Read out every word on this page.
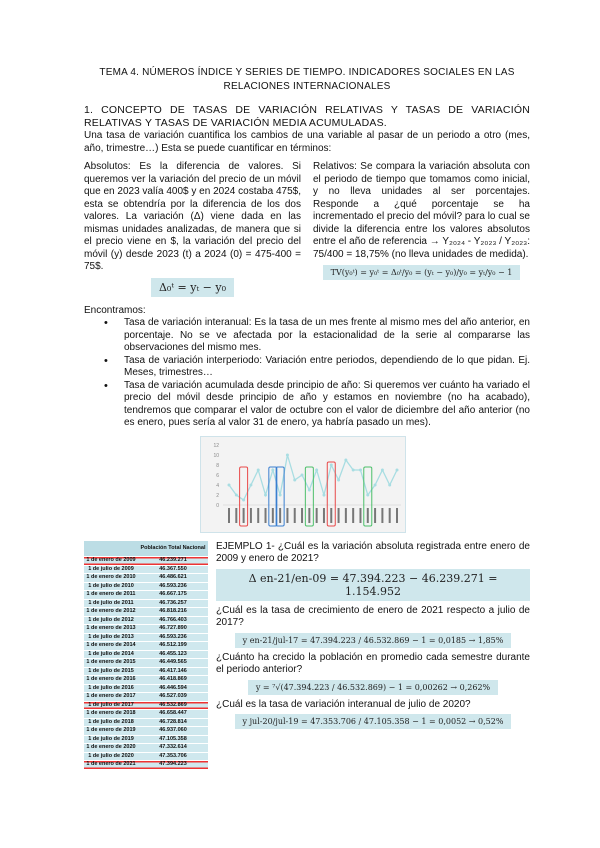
TEMA 4. NÚMEROS ÍNDICE Y SERIES DE TIEMPO. INDICADORES SOCIALES EN LAS RELACIONES INTERNACIONALES
1. CONCEPTO DE TASAS DE VARIACIÓN RELATIVAS Y TASAS DE VARIACIÓN RELATIVAS Y TASAS DE VARIACIÓN MEDIA ACUMULADAS.
Una tasa de variación cuantifica los cambios de una variable al pasar de un periodo a otro (mes, año, trimestre…) Esta se puede cuantificar en términos:
Absolutos: Es la diferencia de valores. Si queremos ver la variación del precio de un móvil que en 2023 valía 400$ y en 2024 costaba 475$, esta se obtendría por la diferencia de los dos valores. La variación (Δ) viene dada en las mismas unidades analizadas, de manera que si el precio viene en $, la variación del precio del móvil (y) desde 2023 (t) a 2024 (0) = 475-400 = 75$.
Δ₀ᵗ = yₜ − y₀
Relativos: Se compara la variación absoluta con el periodo de tiempo que tomamos como inicial, y no lleva unidades al ser porcentajes. Responde a ¿qué porcentaje se ha incrementado el precio del móvil? para lo cual se divide la diferencia entre los valores absolutos entre el año de referencia → Y₂₀₂₄ - Y₂₀₂₃ / Y₂₀₂₃: 75/400 = 18,75% (no lleva unidades de medida).
TV(y₀ᵗ) = y₀ᵗ = Δ₀ᵗ/y₀ = (yₜ − y₀)/y₀ = yₜ/y₀ − 1
Encontramos:
• Tasa de variación interanual: Es la tasa de un mes frente al mismo mes del año anterior, en porcentaje. No se ve afectada por la estacionalidad de la serie al compararse las observaciones del mismo mes.
• Tasa de variación interperiodo: Variación entre periodos, dependiendo de lo que pidan. Ej. Meses, trimestres…
• Tasa de variación acumulada desde principio de año: Si queremos ver cuánto ha variado el precio del móvil desde principio de año y estamos en noviembre (no ha acabado), tendremos que comparar el valor de octubre con el valor de diciembre del año anterior (no es enero, pues sería al valor 31 de enero, ya habría pasado un mes).
0
2
4
6
8
10
12
	Población Total Nacional
1 de enero de 2009	46.239.271
1 de julio de 2009	46.367.550
1 de enero de 2010	46.486.621
1 de julio de 2010	46.593.236
1 de enero de 2011	46.667.175
1 de julio de 2011	46.736.257
1 de enero de 2012	46.818.216
1 de julio de 2012	46.766.403
1 de enero de 2013	46.727.890
1 de julio de 2013	46.593.236
1 de enero de 2014	46.512.199
1 de julio de 2014	46.455.123
1 de enero de 2015	46.449.565
1 de julio de 2015	46.417.146
1 de enero de 2016	46.418.869
1 de julio de 2016	46.446.594
1 de enero de 2017	46.527.039
1 de julio de 2017	46.532.869
1 de enero de 2018	46.658.447
1 de julio de 2018	46.728.814
1 de enero de 2019	46.937.060
1 de julio de 2019	47.105.358
1 de enero de 2020	47.332.614
1 de julio de 2020	47.353.706
1 de enero de 2021	47.394.223
EJEMPLO 1- ¿Cuál es la variación absoluta registrada entre enero de 2009 y enero de 2021?
Δ en-21/en-09 = 47.394.223 − 46.239.271 = 1.154.952
¿Cuál es la tasa de crecimiento de enero de 2021 respecto a julio de 2017?
y en-21/jul-17 = 47.394.223 / 46.532.869 − 1 = 0,0185 → 1,85%
¿Cuánto ha crecido la población en promedio cada semestre durante el periodo anterior?
y = ⁷√(47.394.223 / 46.532.869) − 1 = 0,00262 → 0,262%
¿Cuál es la tasa de variación interanual de julio de 2020?
y jul-20/jul-19 = 47.353.706 / 47.105.358 − 1 = 0,0052 → 0,52%
